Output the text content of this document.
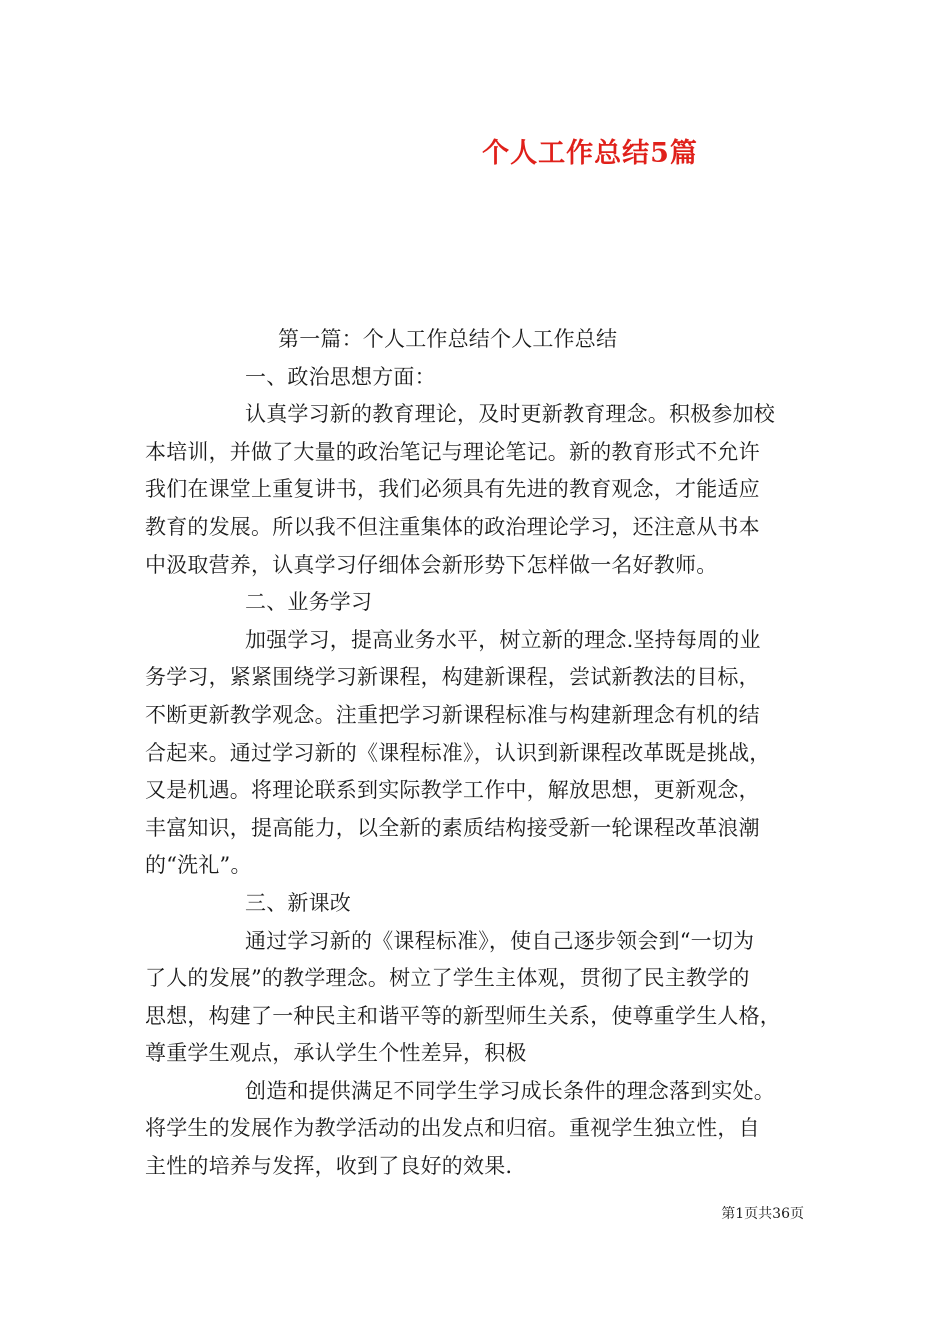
个人工作总结5篇
第一篇：个人工作总结个人工作总结
一、政治思想方面：
认真学习新的教育理论，及时更新教育理念。积极参加校
本培训，并做了大量的政治笔记与理论笔记。新的教育形式不允许
我们在课堂上重复讲书，我们必须具有先进的教育观念，才能适应
教育的发展。所以我不但注重集体的政治理论学习，还注意从书本
中汲取营养，认真学习仔细体会新形势下怎样做一名好教师。
二、业务学习
加强学习，提高业务水平，树立新的理念.坚持每周的业
务学习，紧紧围绕学习新课程，构建新课程，尝试新教法的目标，
不断更新教学观念。注重把学习新课程标准与构建新理念有机的结
合起来。通过学习新的《课程标准》，认识到新课程改革既是挑战，
又是机遇。将理论联系到实际教学工作中，解放思想，更新观念，
丰富知识，提高能力，以全新的素质结构接受新一轮课程改革浪潮
的“洗礼”。
三、新课改
通过学习新的《课程标准》，使自己逐步领会到“一切为
了人的发展”的教学理念。树立了学生主体观，贯彻了民主教学的
思想，构建了一种民主和谐平等的新型师生关系，使尊重学生人格，
尊重学生观点，承认学生个性差异，积极
创造和提供满足不同学生学习成长条件的理念落到实处。
将学生的发展作为教学活动的出发点和归宿。重视学生独立性，自
主性的培养与发挥，收到了良好的效果.
第1页共36页
